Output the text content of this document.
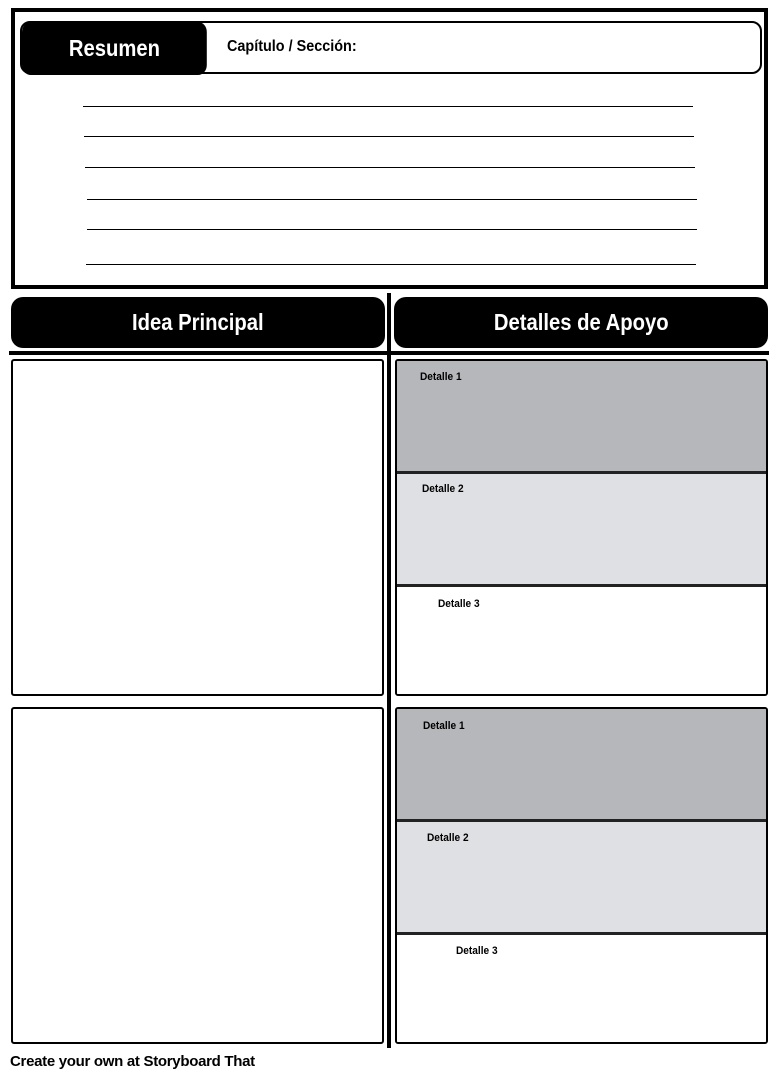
Resumen	Capítulo / Sección:
Idea Principal	Detalles de Apoyo
Detalle 1
Detalle 2
Detalle 3
Detalle 1
Detalle 2
Detalle 3
Create your own at Storyboard That
